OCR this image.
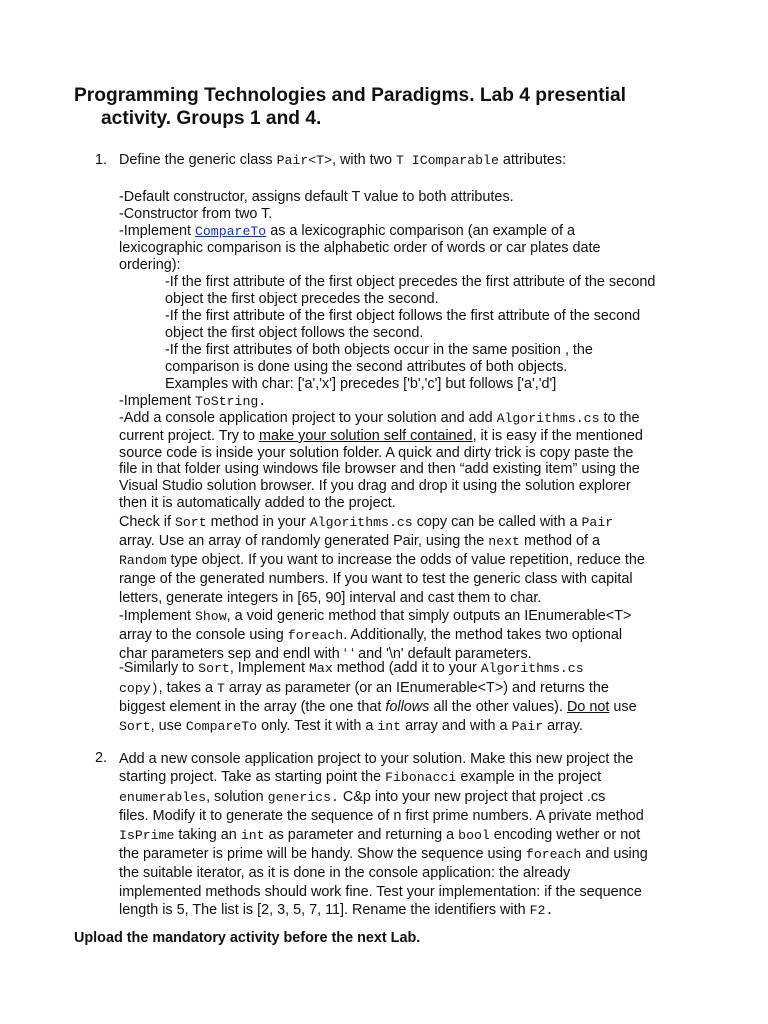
Programming Technologies and Paradigms. Lab 4 presential
activity. Groups 1 and 4.
1. Define the generic class Pair<T>, with two T IComparable attributes:
-Default constructor, assigns default T value to both attributes.
-Constructor from two T.
-Implement CompareTo as a lexicographic comparison (an example of a
lexicographic comparison is the alphabetic order of words or car plates date
ordering):
-If the first attribute of the first object precedes the first attribute of the second
object the first object precedes the second.
-If the first attribute of the first object follows the first attribute of the second
object the first object follows the second.
-If the first attributes of both objects occur in the same position , the
comparison is done using the second attributes of both objects.
Examples with char: ['a','x'] precedes ['b','c'] but follows ['a','d']
-Implement ToString.
-Add a console application project to your solution and add Algorithms.cs to the
current project. Try to make your solution self contained, it is easy if the mentioned
source code is inside your solution folder. A quick and dirty trick is copy paste the
file in that folder using windows file browser and then “add existing item” using the
Visual Studio solution browser. If you drag and drop it using the solution explorer
then it is automatically added to the project.
Check if Sort method in your Algorithms.cs copy can be called with a Pair
array. Use an array of randomly generated Pair, using the next method of a
Random type object. If you want to increase the odds of value repetition, reduce the
range of the generated numbers. If you want to test the generic class with capital
letters, generate integers in [65, 90] interval and cast them to char.
-Implement Show, a void generic method that simply outputs an IEnumerable<T>
array to the console using foreach. Additionally, the method takes two optional
char parameters sep and endl with ‘ ‘ and '\n' default parameters.
-Similarly to Sort, Implement Max method (add it to your Algorithms.cs
copy), takes a T array as parameter (or an IEnumerable<T>) and returns the
biggest element in the array (the one that follows all the other values). Do not use
Sort, use CompareTo only. Test it with a int array and with a Pair array.
2. Add a new console application project to your solution. Make this new project the
starting project. Take as starting point the Fibonacci example in the project
enumerables, solution generics. C&p into your new project that project .cs
files. Modify it to generate the sequence of n first prime numbers. A private method
IsPrime taking an int as parameter and returning a bool encoding wether or not
the parameter is prime will be handy. Show the sequence using foreach and using
the suitable iterator, as it is done in the console application: the already
implemented methods should work fine. Test your implementation: if the sequence
length is 5, The list is [2, 3, 5, 7, 11]. Rename the identifiers with F2.

Upload the mandatory activity before the next Lab.
